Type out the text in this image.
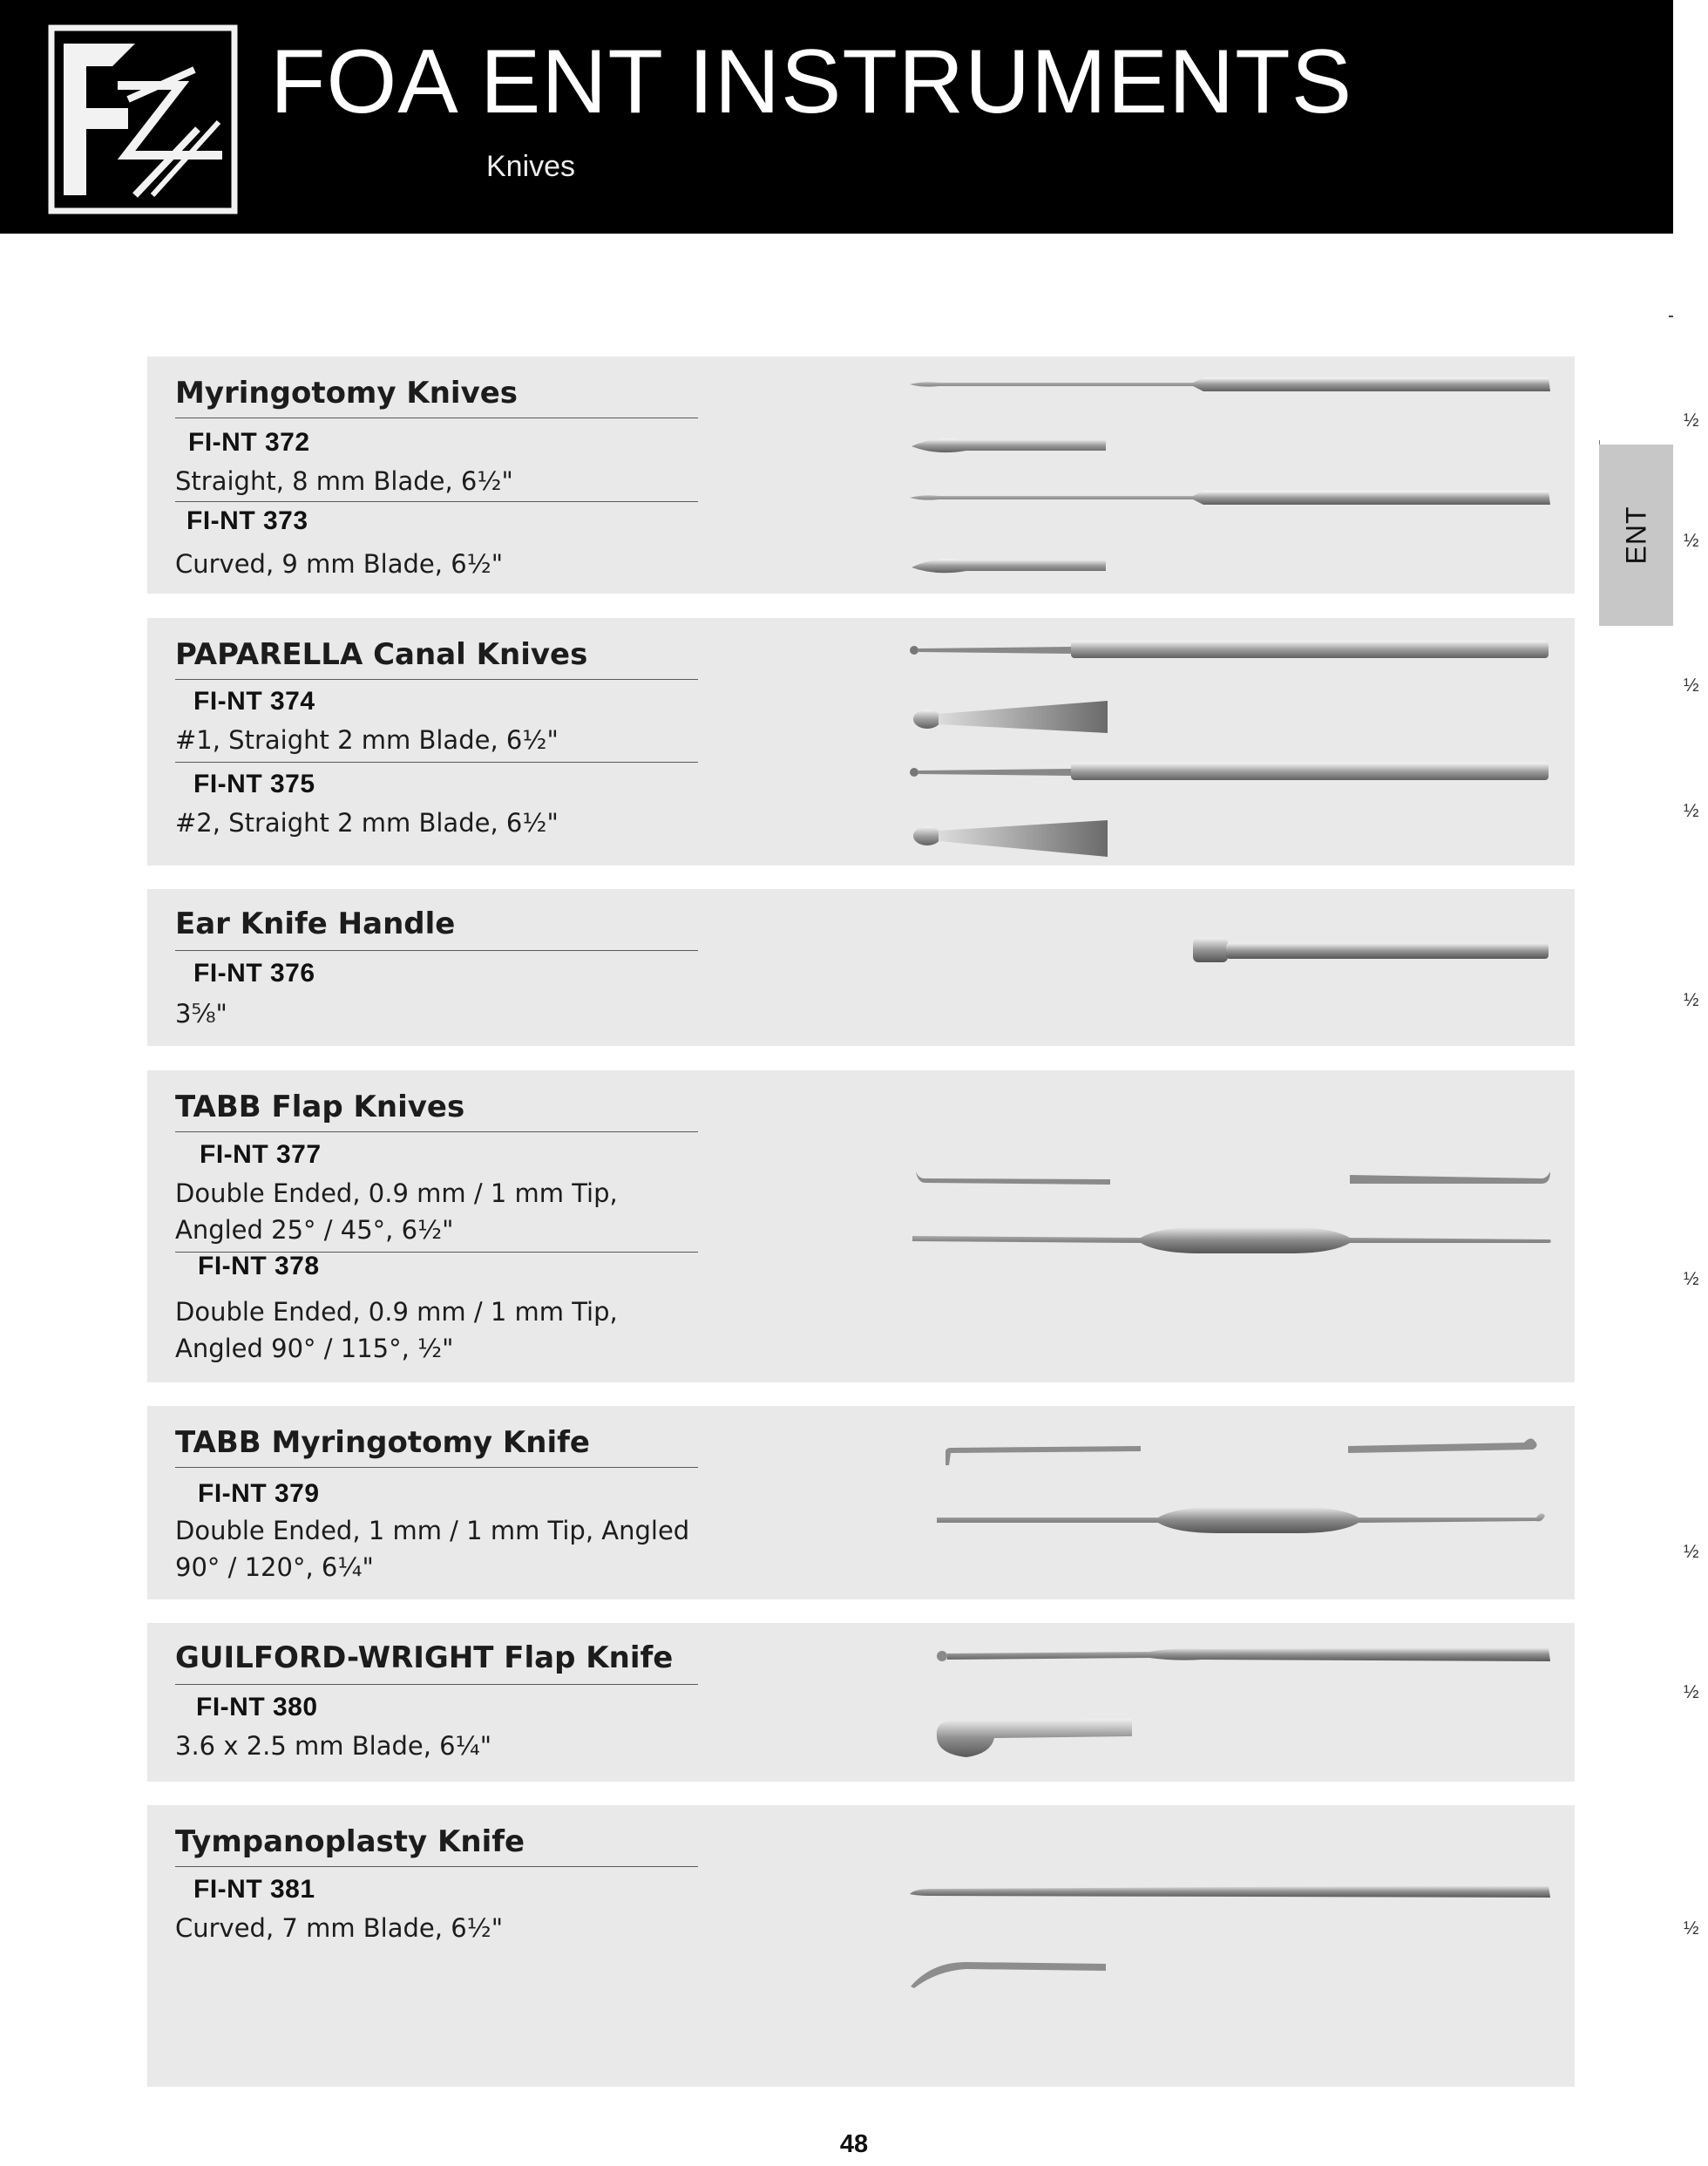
FOA ENT INSTRUMENTS
Knives
ENT
Myringotomy Knives
FI-NT 372
Straight, 8 mm Blade, 6½"
FI-NT 373
Curved, 9 mm Blade, 6½"
½
½
PAPARELLA Canal Knives
FI-NT 374
#1, Straight 2 mm Blade, 6½"
FI-NT 375
#2, Straight 2 mm Blade, 6½"
½
½
Ear Knife Handle
FI-NT 376
3⅝"	½
TABB Flap Knives
FI-NT 377
Double Ended, 0.9 mm / 1 mm Tip, Angled 25° / 45°, 6½"
FI-NT 378
Double Ended, 0.9 mm / 1 mm Tip, Angled 90° / 115°, ½"
½
TABB Myringotomy Knife
FI-NT 379
Double Ended, 1 mm / 1 mm Tip, Angled 90° / 120°, 6¼"
½
GUILFORD-WRIGHT Flap Knife
FI-NT 380
3.6 x 2.5 mm Blade, 6¼"
½
Tympanoplasty Knife
FI-NT 381
Curved, 7 mm Blade, 6½"	½
48
